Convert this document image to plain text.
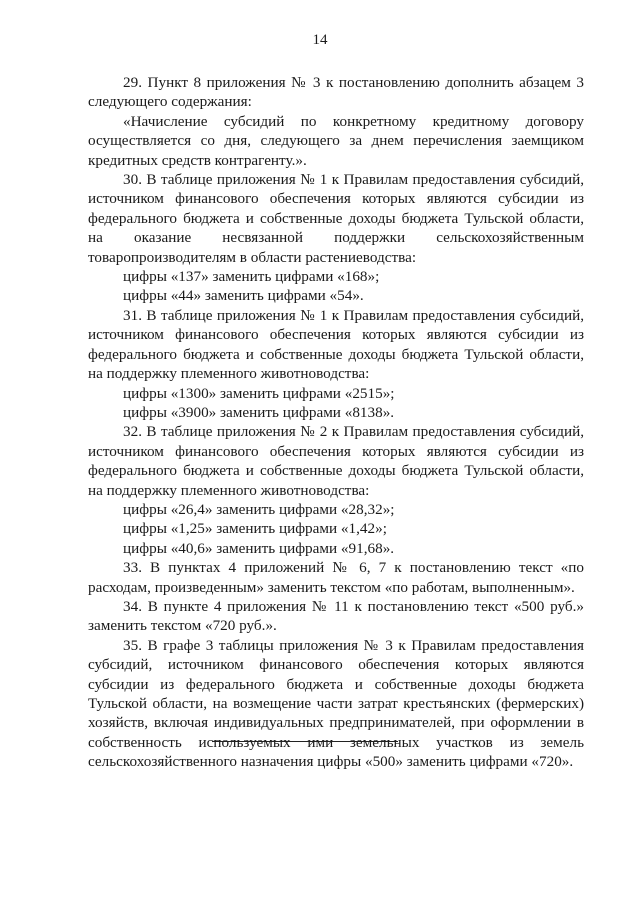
14

29. Пункт 8 приложения № 3 к постановлению дополнить абзацем 3 следующего содержания:

«Начисление субсидий по конкретному кредитному договору осуществляется со дня, следующего за днем перечисления заемщиком кредитных средств контрагенту.».

30. В таблице приложения № 1 к Правилам предоставления субсидий, источником финансового обеспечения которых являются субсидии из федерального бюджета и собственные доходы бюджета Тульской области, на оказание несвязанной поддержки сельскохозяйственным товаропроизводителям в области растениеводства:

цифры «137» заменить цифрами «168»;

цифры «44» заменить цифрами «54».

31. В таблице приложения № 1 к Правилам предоставления субсидий, источником финансового обеспечения которых являются субсидии из федерального бюджета и собственные доходы бюджета Тульской области, на поддержку племенного животноводства:

цифры «1300» заменить цифрами «2515»;

цифры «3900» заменить цифрами «8138».

32. В таблице приложения № 2 к Правилам предоставления субсидий, источником финансового обеспечения которых являются субсидии из федерального бюджета и собственные доходы бюджета Тульской области, на поддержку племенного животноводства:

цифры «26,4» заменить цифрами «28,32»;

цифры «1,25» заменить цифрами «1,42»;

цифры «40,6» заменить цифрами «91,68».

33. В пунктах 4 приложений № 6, 7 к постановлению текст «по расходам, произведенным» заменить текстом «по работам, выполненным».

34. В пункте 4 приложения № 11 к постановлению текст «500 руб.» заменить текстом «720 руб.».

35. В графе 3 таблицы приложения № 3 к Правилам предоставления субсидий, источником финансового обеспечения которых являются субсидии из федерального бюджета и собственные доходы бюджета Тульской области, на возмещение части затрат крестьянских (фермерских) хозяйств, включая индивидуальных предпринимателей, при оформлении в собственность используемых ими земельных участков из земель сельскохозяйственного назначения цифры «500» заменить цифрами «720».
